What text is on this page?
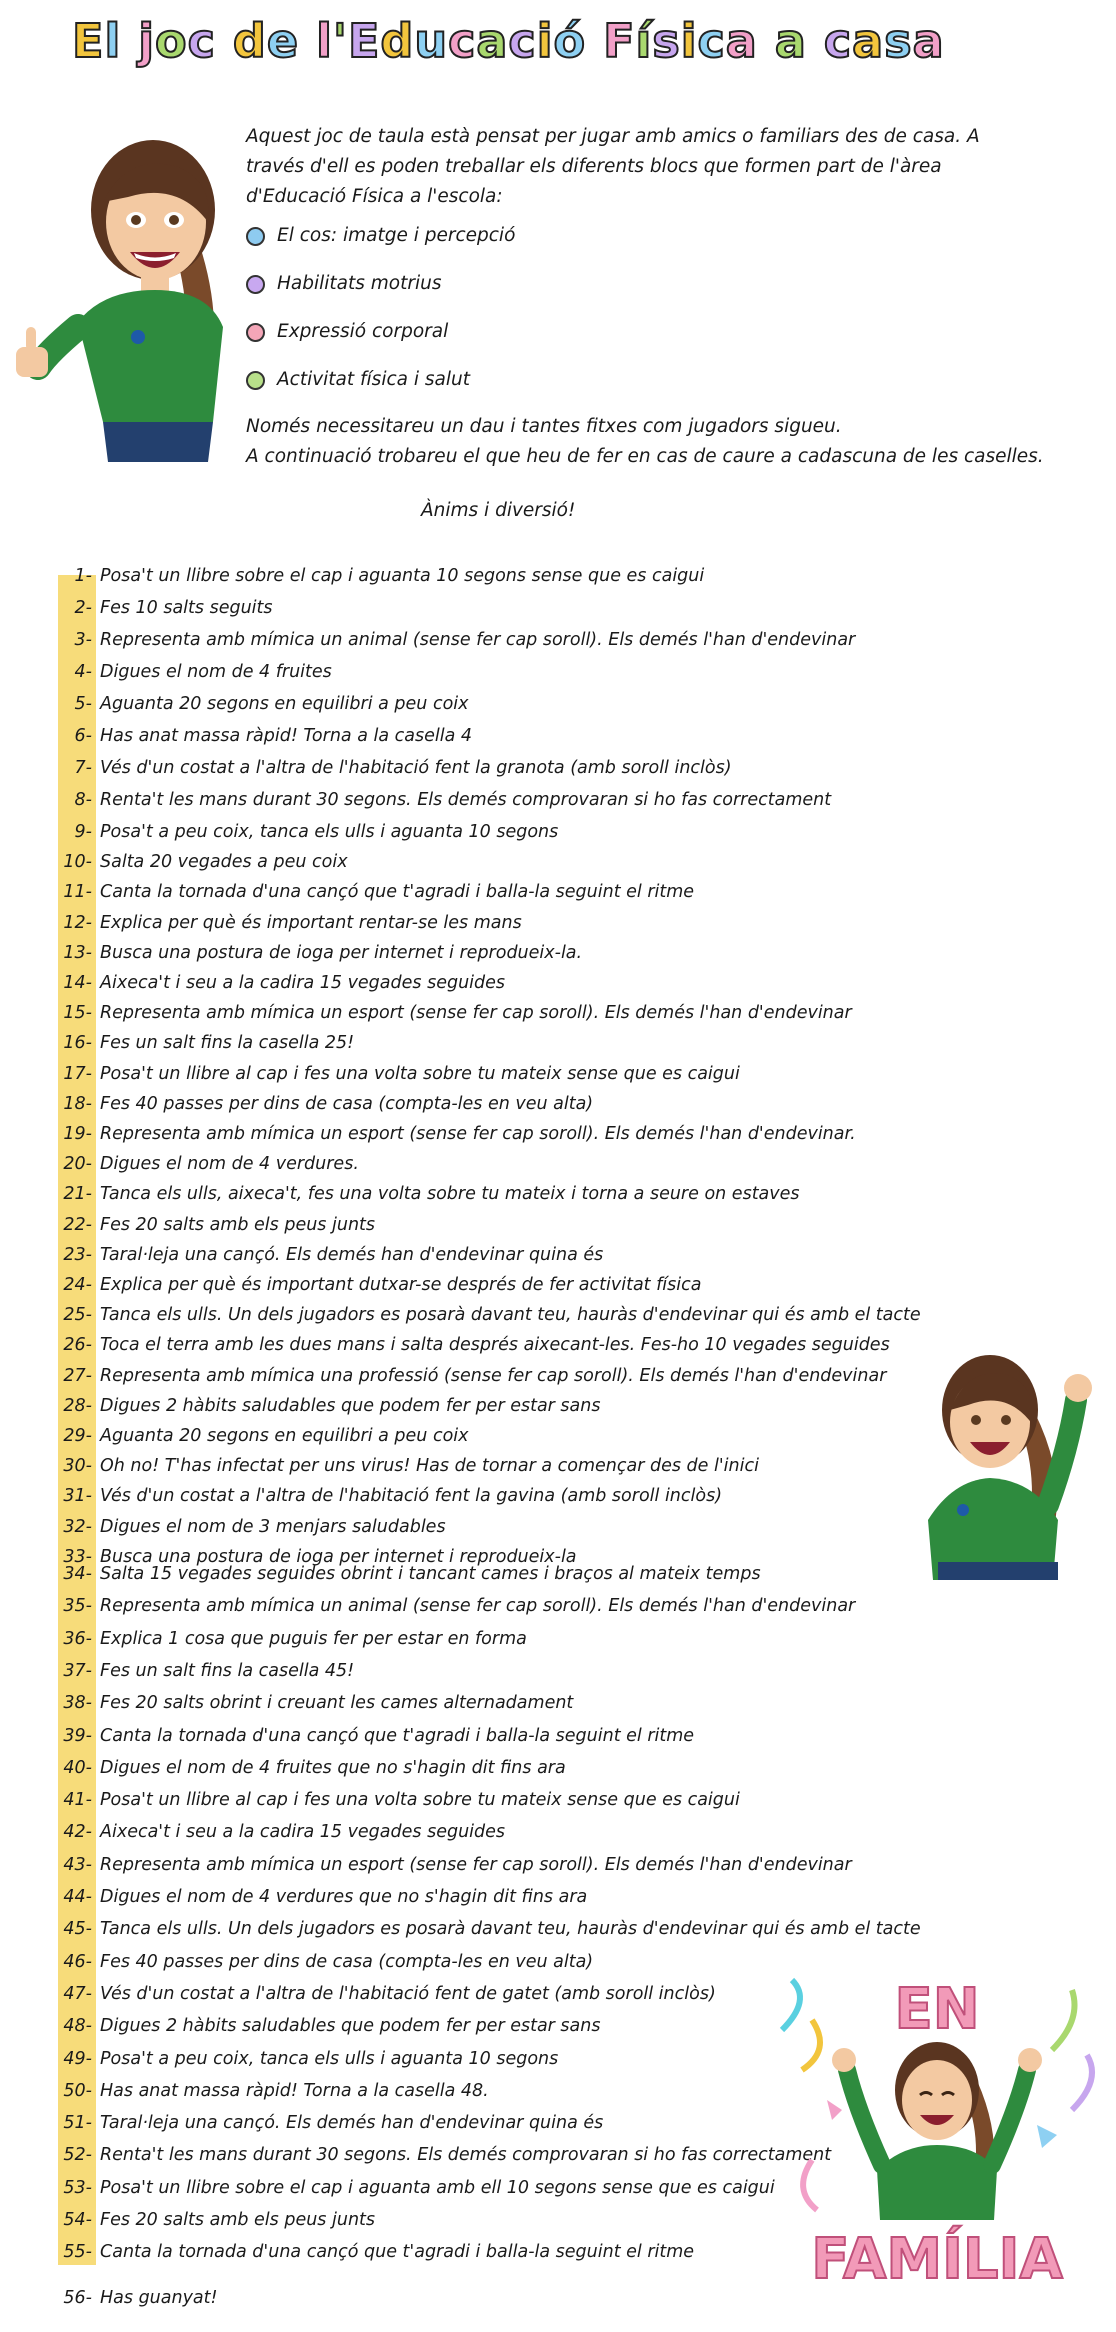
El joc de l'Educació Física a casa

Aquest joc de taula està pensat per jugar amb amics o familiars des de casa. A través d'ell es poden treballar els diferents blocs que formen part de l'àrea d'Educació Física a l'escola:

El cos: imatge i percepció
Habilitats motrius
Expressió corporal
Activitat física i salut

Només necessitareu un dau i tantes fitxes com jugadors sigueu.

A continuació trobareu el que heu de fer en cas de caure a cadascuna de les caselles.

Ànims i diversió!

1- Posa't un llibre sobre el cap i aguanta 10 segons sense que es caigui
2- Fes 10 salts seguits
3- Representa amb mímica un animal (sense fer cap soroll). Els demés l'han d'endevinar
4- Digues el nom de 4 fruites
5- Aguanta 20 segons en equilibri a peu coix
6- Has anat massa ràpid! Torna a la casella 4
7- Vés d'un costat a l'altra de l'habitació fent la granota (amb soroll inclòs)
8- Renta't les mans durant 30 segons. Els demés comprovaran si ho fas correctament
9- Posa't a peu coix, tanca els ulls i aguanta 10 segons
10- Salta 20 vegades a peu coix
11- Canta la tornada d'una cançó que t'agradi i balla-la seguint el ritme
12- Explica per què és important rentar-se les mans
13- Busca una postura de ioga per internet i reprodueix-la.
14- Aixeca't i seu a la cadira 15 vegades seguides
15- Representa amb mímica un esport (sense fer cap soroll). Els demés l'han d'endevinar
16- Fes un salt fins la casella 25!
17- Posa't un llibre al cap i fes una volta sobre tu mateix sense que es caigui
18- Fes 40 passes per dins de casa (compta-les en veu alta)
19- Representa amb mímica un esport (sense fer cap soroll). Els demés l'han d'endevinar.
20- Digues el nom de 4 verdures.
21- Tanca els ulls, aixeca't, fes una volta sobre tu mateix i torna a seure on estaves
22- Fes 20 salts amb els peus junts
23- Taral·leja una cançó. Els demés han d'endevinar quina és
24- Explica per què és important dutxar-se després de fer activitat física
25- Tanca els ulls. Un dels jugadors es posarà davant teu, hauràs d'endevinar qui és amb el tacte
26- Toca el terra amb les dues mans i salta després aixecant-les. Fes-ho 10 vegades seguides
27- Representa amb mímica una professió (sense fer cap soroll). Els demés l'han d'endevinar
28- Digues 2 hàbits saludables que podem fer per estar sans
29- Aguanta 20 segons en equilibri a peu coix
30- Oh no! T'has infectat per uns virus! Has de tornar a començar des de l'inici
31- Vés d'un costat a l'altra de l'habitació fent la gavina (amb soroll inclòs)
32- Digues el nom de 3 menjars saludables
33- Busca una postura de ioga per internet i reprodueix-la
34- Salta 15 vegades seguides obrint i tancant cames i braços al mateix temps
35- Representa amb mímica un animal (sense fer cap soroll). Els demés l'han d'endevinar
36- Explica 1 cosa que puguis fer per estar en forma
37- Fes un salt fins la casella 45!
38- Fes 20 salts obrint i creuant les cames alternadament
39- Canta la tornada d'una cançó que t'agradi i balla-la seguint el ritme
40- Digues el nom de 4 fruites que no s'hagin dit fins ara
41- Posa't un llibre al cap i fes una volta sobre tu mateix sense que es caigui
42- Aixeca't i seu a la cadira 15 vegades seguides
43- Representa amb mímica un esport (sense fer cap soroll). Els demés l'han d'endevinar
44- Digues el nom de 4 verdures que no s'hagin dit fins ara
45- Tanca els ulls. Un dels jugadors es posarà davant teu, hauràs d'endevinar qui és amb el tacte
46- Fes 40 passes per dins de casa (compta-les en veu alta)
47- Vés d'un costat a l'altra de l'habitació fent de gatet (amb soroll inclòs)
48- Digues 2 hàbits saludables que podem fer per estar sans
49- Posa't a peu coix, tanca els ulls i aguanta 10 segons
50- Has anat massa ràpid! Torna a la casella 48.
51- Taral·leja una cançó. Els demés han d'endevinar quina és
52- Renta't les mans durant 30 segons. Els demés comprovaran si ho fas correctament
53- Posa't un llibre sobre el cap i aguanta amb ell 10 segons sense que es caigui
54- Fes 20 salts amb els peus junts
55- Canta la tornada d'una cançó que t'agradi i balla-la seguint el ritme
56- Has guanyat!
EN
FAMÍLIA
